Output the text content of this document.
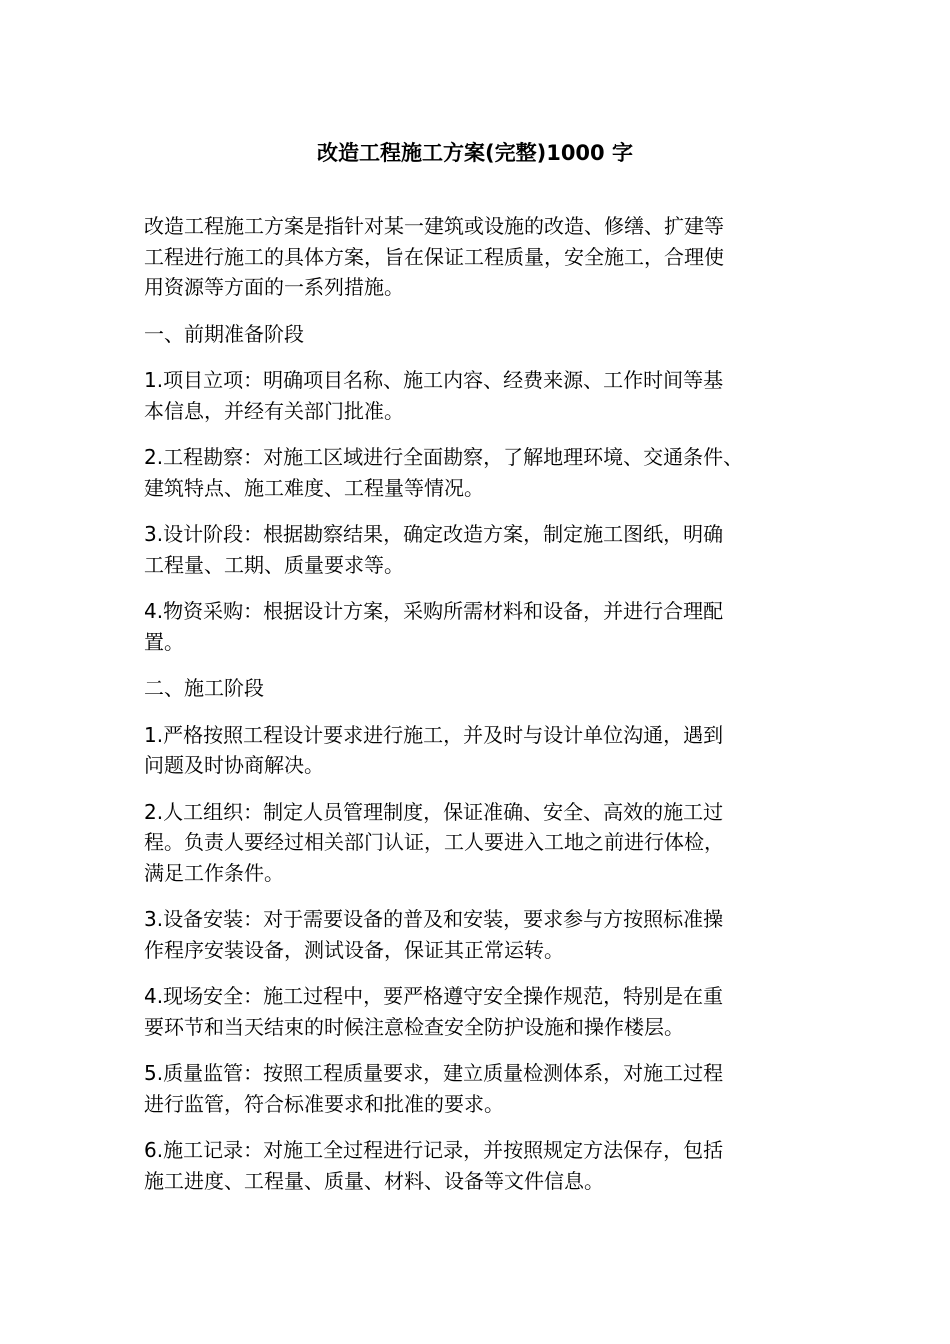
改造工程施工方案(完整)1000 字

改造工程施工方案是指针对某一建筑或设施的改造、修缮、扩建等
工程进行施工的具体方案，旨在保证工程质量，安全施工，合理使
用资源等方面的一系列措施。

一、前期准备阶段

1.项目立项：明确项目名称、施工内容、经费来源、工作时间等基
本信息，并经有关部门批准。

2.工程勘察：对施工区域进行全面勘察，了解地理环境、交通条件、
建筑特点、施工难度、工程量等情况。

3.设计阶段：根据勘察结果，确定改造方案，制定施工图纸，明确
工程量、工期、质量要求等。

4.物资采购：根据设计方案，采购所需材料和设备，并进行合理配
置。

二、施工阶段

1.严格按照工程设计要求进行施工，并及时与设计单位沟通，遇到
问题及时协商解决。

2.人工组织：制定人员管理制度，保证准确、安全、高效的施工过
程。负责人要经过相关部门认证，工人要进入工地之前进行体检，
满足工作条件。

3.设备安装：对于需要设备的普及和安装，要求参与方按照标准操
作程序安装设备，测试设备，保证其正常运转。

4.现场安全：施工过程中，要严格遵守安全操作规范，特别是在重
要环节和当天结束的时候注意检查安全防护设施和操作楼层。

5.质量监管：按照工程质量要求，建立质量检测体系，对施工过程
进行监管，符合标准要求和批准的要求。

6.施工记录：对施工全过程进行记录，并按照规定方法保存，包括
施工进度、工程量、质量、材料、设备等文件信息。
